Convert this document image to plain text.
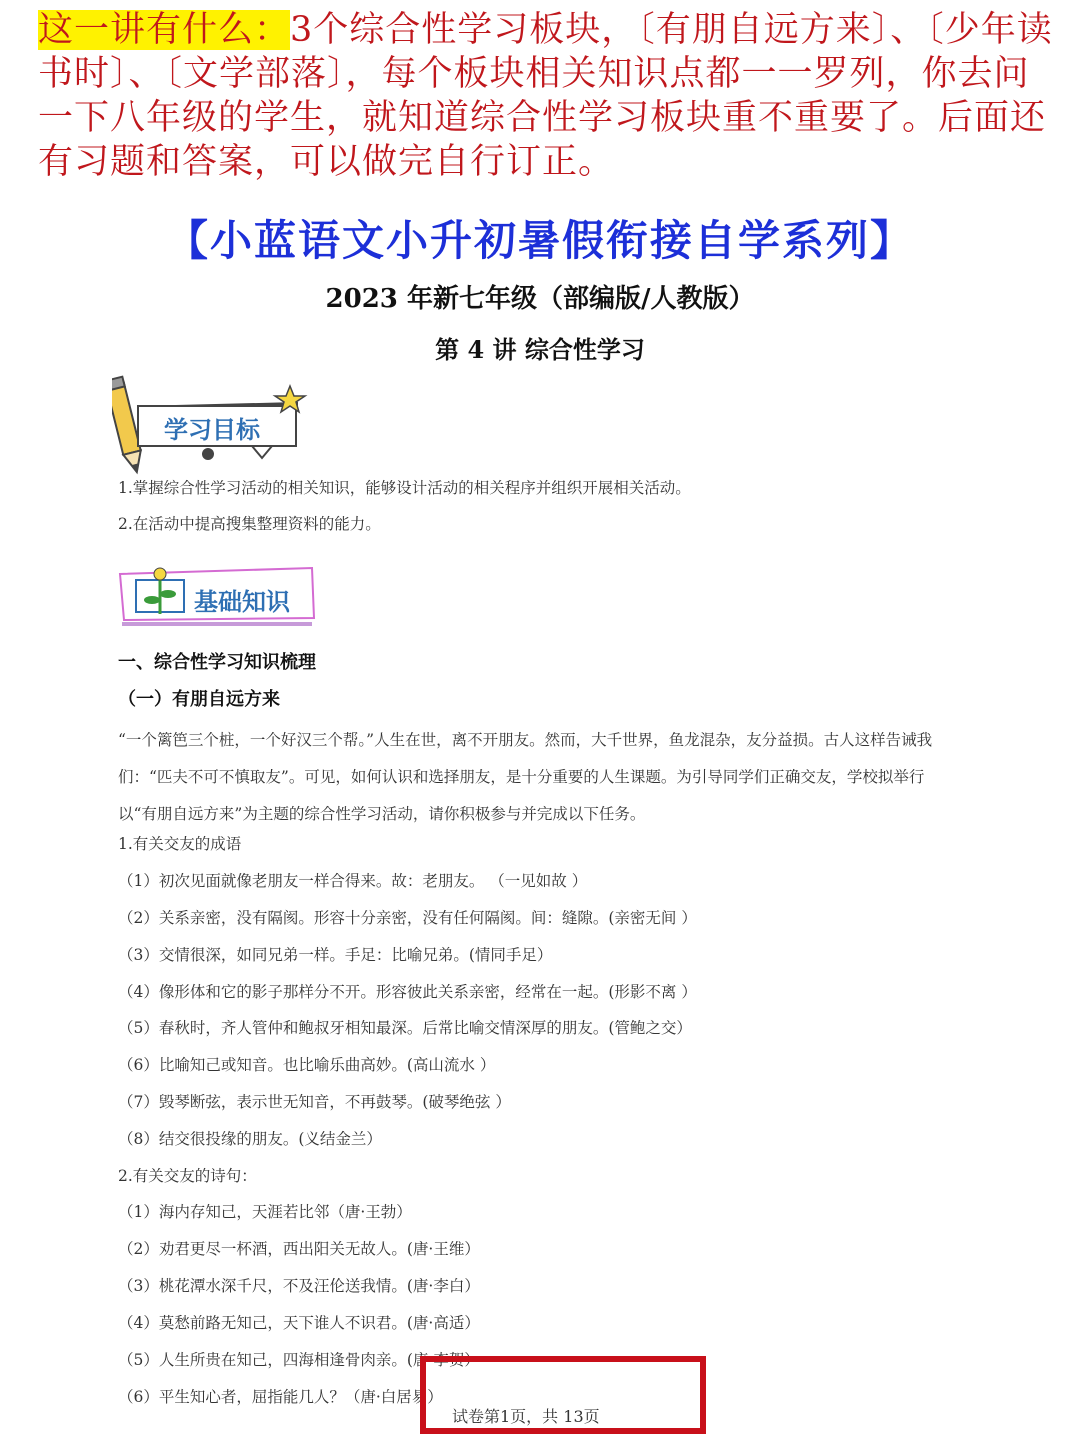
这一讲有什么：3个综合性学习板块，〔有朋自远方来〕、〔少年读书时〕、〔文学部落〕，每个板块相关知识点都一一罗列，你去问一下八年级的学生，就知道综合性学习板块重不重要了。后面还有习题和答案，可以做完自行订正。
【小蓝语文小升初暑假衔接自学系列】
2023 年新七年级（部编版/人教版）
第 4 讲 综合性学习
学习目标
1.掌握综合性学习活动的相关知识，能够设计活动的相关程序并组织开展相关活动。
2.在活动中提高搜集整理资料的能力。
基础知识
一、综合性学习知识梳理
（一）有朋自远方来
“一个篱笆三个桩，一个好汉三个帮。”人生在世，离不开朋友。然而，大千世界，鱼龙混杂，友分益损。古人这样告诫我们：“匹夫不可不慎取友”。可见，如何认识和选择朋友，是十分重要的人生课题。为引导同学们正确交友，学校拟举行以“有朋自远方来”为主题的综合性学习活动，请你积极参与并完成以下任务。
1.有关交友的成语
（1）初次见面就像老朋友一样合得来。故：老朋友。 （一见如故 ）
（2）关系亲密，没有隔阂。形容十分亲密，没有任何隔阂。间：缝隙。(亲密无间 ）
（3）交情很深，如同兄弟一样。手足：比喻兄弟。(情同手足）
（4）像形体和它的影子那样分不开。形容彼此关系亲密，经常在一起。(形影不离 ）
（5）春秋时，齐人管仲和鲍叔牙相知最深。后常比喻交情深厚的朋友。(管鲍之交）
（6）比喻知己或知音。也比喻乐曲高妙。(高山流水 ）
（7）毁琴断弦，表示世无知音，不再鼓琴。(破琴绝弦 ）
（8）结交很投缘的朋友。(义结金兰）
2.有关交友的诗句：
（1）海内存知己，天涯若比邻（唐·王勃）
（2）劝君更尽一杯酒，西出阳关无故人。(唐·王维）
（3）桃花潭水深千尺，不及汪伦送我情。(唐·李白）
（4）莫愁前路无知己，天下谁人不识君。(唐·高适）
（5）人生所贵在知己，四海相逢骨肉亲。(唐·李贺）
（6）平生知心者，屈指能几人？（唐·白居易）
试卷第1页，共 13页
